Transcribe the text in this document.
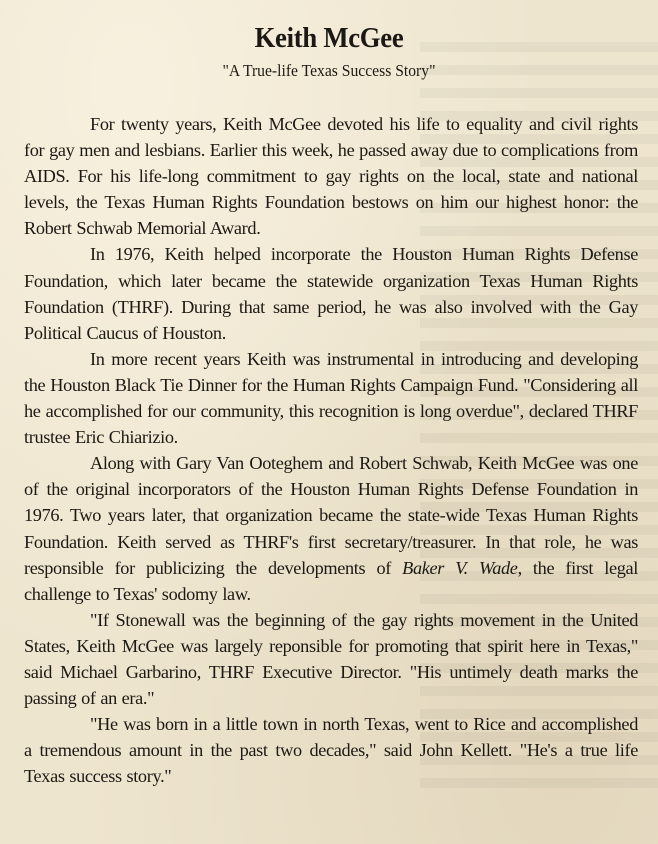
Keith McGee
"A True-life Texas Success Story"

For twenty years, Keith McGee devoted his life to equality and civil rights for gay men and lesbians. Earlier this week, he passed away due to complications from AIDS. For his life-long commitment to gay rights on the local, state and national levels, the Texas Human Rights Foundation bestows on him our highest honor: the Robert Schwab Memorial Award.

In 1976, Keith helped incorporate the Houston Human Rights Defense Foundation, which later became the statewide organization Texas Human Rights Foundation (THRF). During that same period, he was also involved with the Gay Political Caucus of Houston.

In more recent years Keith was instrumental in introducing and developing the Houston Black Tie Dinner for the Human Rights Campaign Fund. "Considering all he accomplished for our community, this recognition is long overdue", declared THRF trustee Eric Chiarizio.

Along with Gary Van Ooteghem and Robert Schwab, Keith McGee was one of the original incorporators of the Houston Human Rights Defense Foundation in 1976. Two years later, that organization became the state-wide Texas Human Rights Foundation. Keith served as THRF's first secretary/treasurer. In that role, he was responsible for publicizing the developments of Baker V. Wade, the first legal challenge to Texas' sodomy law.

"If Stonewall was the beginning of the gay rights movement in the United States, Keith McGee was largely reponsible for promoting that spirit here in Texas," said Michael Garbarino, THRF Executive Director. "His untimely death marks the passing of an era."

"He was born in a little town in north Texas, went to Rice and accomplished a tremendous amount in the past two decades," said John Kellett. "He's a true life Texas success story."
